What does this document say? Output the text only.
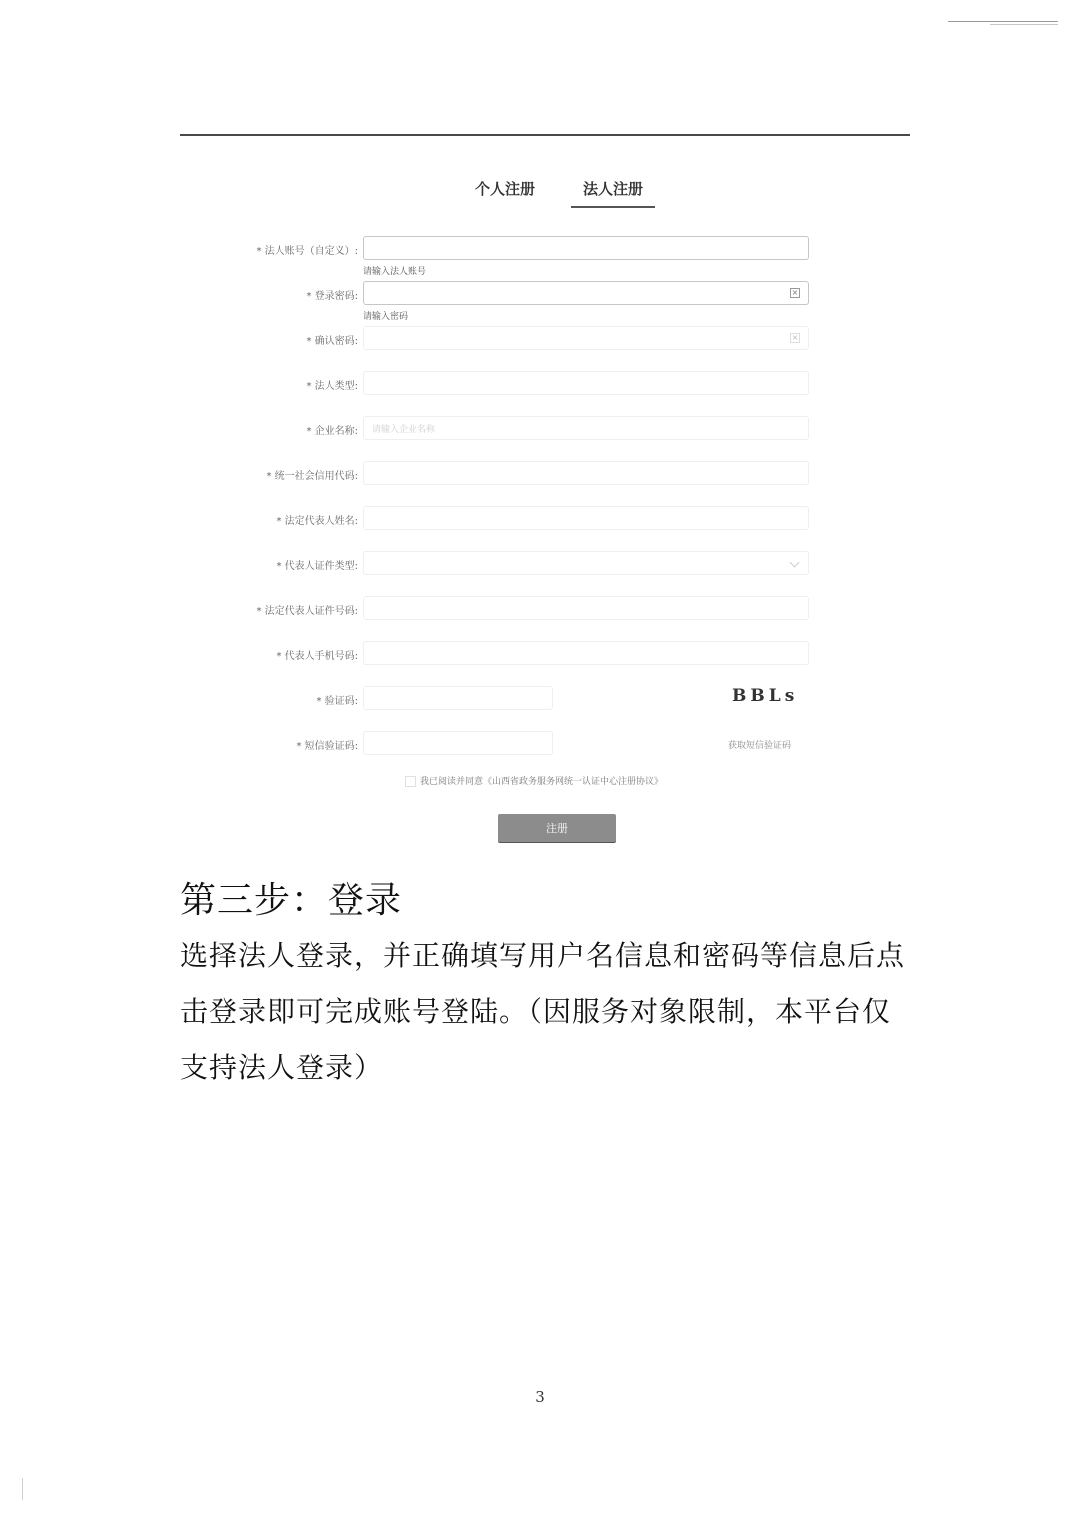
个人注册	法人注册
* 法人账号（自定义）:
请输入法人账号
* 登录密码:	×
请输入密码
* 确认密码:	×
* 法人类型:
* 企业名称: 请输入企业名称
* 统一社会信用代码:
* 法定代表人姓名:
* 代表人证件类型:
* 法定代表人证件号码:
* 代表人手机号码:
* 验证码:	BBLs
* 短信验证码:	获取短信验证码
我已阅读并同意《山西省政务服务网统一认证中心注册协议》
注册
第三步：登录
选择法人登录，并正确填写用户名信息和密码等信息后点击登录即可完成账号登陆。（因服务对象限制，本平台仅支持法人登录）
3
